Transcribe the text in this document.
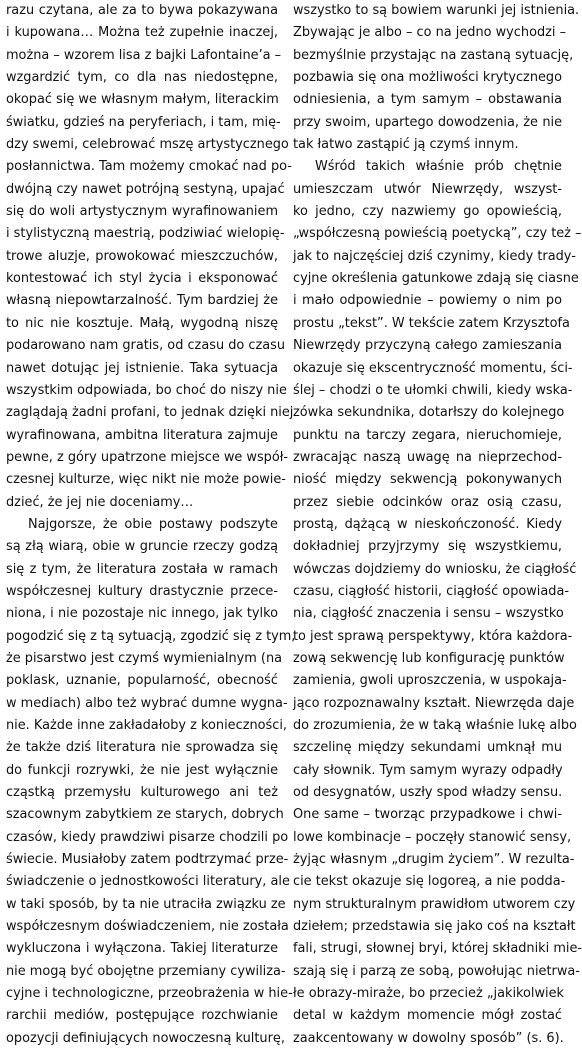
razu czytana, ale za to bywa pokazywana
i kupowana… Można też zupełnie inaczej,
można – wzorem lisa z bajki Lafontaine’a –
wzgardzić tym, co dla nas niedostępne,
okopać się we własnym małym, literackim
światku, gdzieś na peryferiach, i tam, mię-
dzy swemi, celebrować mszę artystycznego
posłannictwa. Tam możemy cmokać nad po-
dwójną czy nawet potrójną sestyną, upajać
się do woli artystycznym wyrafinowaniem
i stylistyczną maestrią, podziwiać wielopię-
trowe aluzje, prowokować mieszczuchów,
kontestować ich styl życia i eksponować
własną niepowtarzalność. Tym bardziej że
to nic nie kosztuje. Małą, wygodną niszę
podarowano nam gratis, od czasu do czasu
nawet dotując jej istnienie. Taka sytuacja
wszystkim odpowiada, bo choć do niszy nie
zaglądają żadni profani, to jednak dzięki niej
wyrafinowana, ambitna literatura zajmuje
pewne, z góry upatrzone miejsce we współ-
czesnej kulturze, więc nikt nie może powie-
dzieć, że jej nie doceniamy…
Najgorsze, że obie postawy podszyte
są złą wiarą, obie w gruncie rzeczy godzą
się z tym, że literatura została w ramach
współczesnej kultury drastycznie przece-
niona, i nie pozostaje nic innego, jak tylko
pogodzić się z tą sytuacją, zgodzić się z tym,
że pisarstwo jest czymś wymienialnym (na
poklask, uznanie, popularność, obecność
w mediach) albo też wybrać dumne wygna-
nie. Każde inne zakładałoby z konieczności,
że także dziś literatura nie sprowadza się
do funkcji rozrywki, że nie jest wyłącznie
cząstką przemysłu kulturowego ani też
szacownym zabytkiem ze starych, dobrych
czasów, kiedy prawdziwi pisarze chodzili po
świecie. Musiałoby zatem podtrzymać prze-
świadczenie o jednostkowości literatury, ale
w taki sposób, by ta nie utraciła związku ze
współczesnym doświadczeniem, nie została
wykluczona i wyłączona. Takiej literaturze
nie mogą być obojętne przemiany cywiliza-
cyjne i technologiczne, przeobrażenia w hie-
rarchii mediów, postępujące rozchwianie
opozycji definiujących nowoczesną kulturę,
wszystko to są bowiem warunki jej istnienia.
Zbywając je albo – co na jedno wychodzi –
bezmyślnie przystając na zastaną sytuację,
pozbawia się ona możliwości krytycznego
odniesienia, a tym samym – obstawania
przy swoim, upartego dowodzenia, że nie
tak łatwo zastąpić ją czymś innym.
Wśród takich właśnie prób chętnie
umieszczam utwór Niewrzędy, wszyst-
ko jedno, czy nazwiemy go opowieścią,
„współczesną powieścią poetycką”, czy też –
jak to najczęściej dziś czynimy, kiedy trady-
cyjne określenia gatunkowe zdają się ciasne
i mało odpowiednie – powiemy o nim po
prostu „tekst”. W tekście zatem Krzysztofa
Niewrzędy przyczyną całego zamieszania
okazuje się ekscentryczność momentu, ści-
ślej – chodzi o te ułomki chwili, kiedy wska-
zówka sekundnika, dotarłszy do kolejnego
punktu na tarczy zegara, nieruchomieje,
zwracając naszą uwagę na nieprzechod-
niość między sekwencją pokonywanych
przez siebie odcinków oraz osią czasu,
prostą, dążącą w nieskończoność. Kiedy
dokładniej przyjrzymy się wszystkiemu,
wówczas dojdziemy do wniosku, że ciągłość
czasu, ciągłość historii, ciągłość opowiada-
nia, ciągłość znaczenia i sensu – wszystko
to jest sprawą perspektywy, która każdora-
zową sekwencję lub konfigurację punktów
zamienia, gwoli uproszczenia, w uspokaja-
jąco rozpoznawalny kształt. Niewrzęda daje
do zrozumienia, że w taką właśnie lukę albo
szczelinę między sekundami umknął mu
cały słownik. Tym samym wyrazy odpadły
od desygnatów, uszły spod władzy sensu.
One same – tworząc przypadkowe i chwi-
lowe kombinacje – poczęły stanowić sensy,
żyjąc własnym „drugim życiem”. W rezulta-
cie tekst okazuje się logoreą, a nie podda-
nym strukturalnym prawidłom utworem czy
dziełem; przedstawia się jako coś na kształt
fali, strugi, słownej bryi, której składniki mie-
szają się i parzą ze sobą, powołując nietrwa-
łe obrazy-miraże, bo przecież „jakikolwiek
detal w każdym momencie mógł zostać
zaakcentowany w dowolny sposób” (s. 6).
